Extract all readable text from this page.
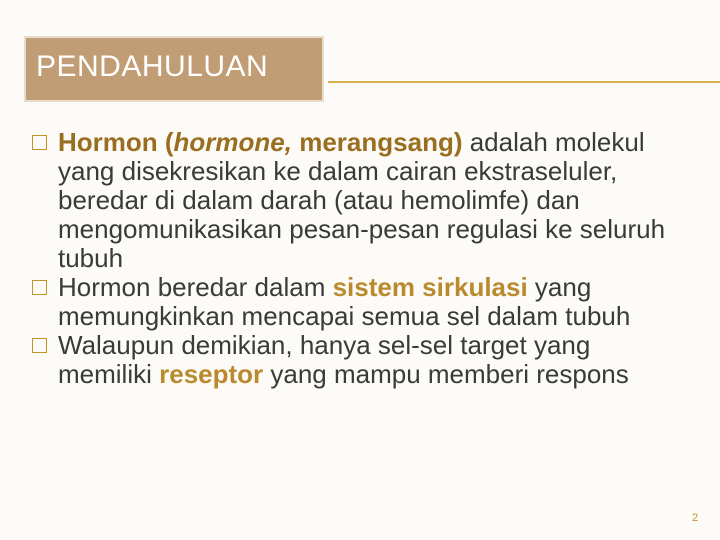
PENDAHULUAN
Hormon (hormone, merangsang) adalah molekul yang disekresikan ke dalam cairan ekstraseluler, beredar di dalam darah (atau hemolimfe) dan mengomunikasikan pesan-pesan regulasi ke seluruh tubuh
Hormon beredar dalam sistem sirkulasi yang memungkinkan mencapai semua sel dalam tubuh
Walaupun demikian, hanya sel-sel target yang memiliki reseptor yang mampu memberi respons
2
